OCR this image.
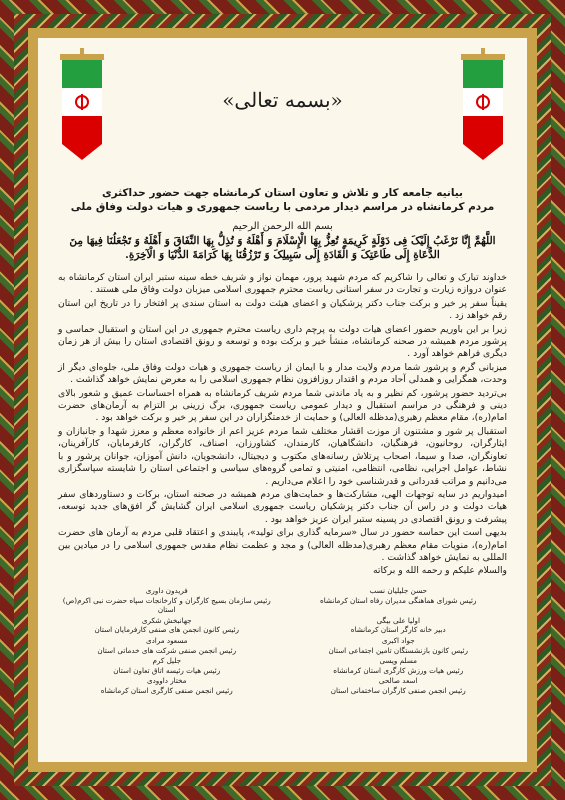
«بسمه تعالی»
بیانیه جامعه کار و تلاش و تعاون استان کرمانشاه جهت حضور حداکثری
مردم کرمانشاه در مراسم دیدار مردمی با ریاست جمهوری و هیات دولت وفاق ملی
بسم الله الرحمن الرحیم
اللَّهُمَّ إِنَّا نَرْغَبُ إِلَیْکَ فِی دَوْلَةٍ کَرِیمَةٍ تُعِزُّ بِهَا الْإِسْلَامَ وَ أَهْلَهُ وَ تُذِلُّ بِهَا النِّفَاقَ وَ أَهْلَهُ وَ تَجْعَلُنَا فِیهَا مِنَ الدُّعَاةِ إِلَى طَاعَتِکَ وَ الْقَادَةِ إِلَى سَبِیلِکَ وَ تَرْزُقُنَا بِهَا کَرَامَةَ الدُّنْیَا وَ الْآخِرَةِ.

خداوند تبارک و تعالی را شاکریم که مردم شهید پرور، مهمان نواز و شریف خطه سینه ستبر ایران استان کرمانشاه به عنوان دروازه زیارت و تجارت در سفر استانی ریاست محترم جمهوری اسلامی میزبان دولت وفاق ملی هستند .

یقیناً سفر پر خیر و برکت جناب دکتر پزشکیان و اعضای هیئت دولت به استان سندی پر افتخار را در تاریخ این استان رقم خواهد زد .

زیرا بر این باوریم حضور اعضای هیات دولت به پرچم داری ریاست محترم جمهوری در این استان و استقبال حماسی و پرشور مردم همیشه در صحنه کرمانشاه، منشأ خیر و برکت بوده و توسعه و رونق اقتصادی استان را بیش از هر زمان دیگری فراهم خواهد آورد .

میزبانی گرم و پرشور شما مردم ولایت مدار و با ایمان از ریاست جمهوری و هیات دولت وفاق ملی، جلوه‌ای دیگر از وحدت، همگرایی و همدلی آحاد مردم و اقتدار روزافزون نظام جمهوری اسلامی را به معرض نمایش خواهد گذاشت .

بی‌تردید حضور پرشور، کم نظیر و به یاد ماندنی شما مردم شریف کرمانشاه به همراه احساسات عمیق و شعور بالای دینی و فرهنگی در مراسم استقبال و دیدار عمومی ریاست جمهوری، برگ زرینی بر التزام به آرمان‌های حضرت امام(ره)، مقام معظم رهبری(مدظله العالی) و حمایت از خدمتگزاران در این سفر پر خیر و برکت خواهد بود .

استقبال پر شور و مشتنون از موزت اقشار مختلف شما مردم عزیز اعم از خانواده معظم و معزز شهدا و جانبازان و ایثارگران، روحانیون، فرهنگیان، دانشگاهیان، کارمندان، کشاورزان، اصناف، کارگران، کارفرمایان، کارآفرینان، تعاونگران، صدا و سیما، اصحاب پرتلاش رسانه‌های مکتوب و دیجیتال، دانشجویان، دانش آموزان، جوانان پرشور و با نشاط، عوامل اجرایی، نظامی، انتظامی، امنیتی و تمامی گروه‌های سیاسی و اجتماعی استان را شایسته سپاسگزاری می‌دانیم و مراتب قدردانی و قدرشناسی خود را اعلام می‌داریم .

امیدواریم در سایه توجهات الهی، مشارکت‌ها و حمایت‌های مردم همیشه در صحنه استان، برکات و دستاوردهای سفر هیات دولت و در راس آن جناب دکتر پزشکیان ریاست جمهوری اسلامی ایران گشایش گر افق‌های جدید توسعه، پیشرفت و رونق اقتصادی در پسینه ستبر ایران عزیز خواهد بود .

بدیهی است این حماسه حضور در سال «سرمایه گذاری برای تولید»، پایبندی و اعتقاد قلبی مردم به آرمان های حضرت امام(ره)، منویات مقام معظم رهبری(مدظله العالی) و مجد و عظمت نظام مقدس جمهوری اسلامی را در میادین بین المللی به نمایش خواهد گذاشت .

والسلام علیکم و رحمه الله و برکاته

حسن جلیلیان نسب
رئیس شورای هماهنگی مدیران رفاه استان کرمانشاه
فریدون داوری
رئیس سازمان بسیج کارگران و کارخانجات سپاه حضرت نبی اکرم(ص) استان
اولیا علی بیگی
دبیر خانه کارگر استان کرمانشاه
جهانبخش شکری
رئیس کانون انجمن های صنفی کارفرمایان استان
جواد اکبری
رئیس کانون بازنشستگان تامین اجتماعی استان
مسعود مرادی
رئیس انجمن صنفی شرکت های خدماتی استان
مسلم ویسی
رئیس هیات ورزش کارگری استان کرمانشاه
جلیل کرم
رئیس هیات رئیسه اتاق تعاون استان
اسعد صالحی
رئیس انجمن صنفی کارگران ساختمانی استان
مختار داوودی
رئیس انجمن صنفی کارگری استان کرمانشاه
